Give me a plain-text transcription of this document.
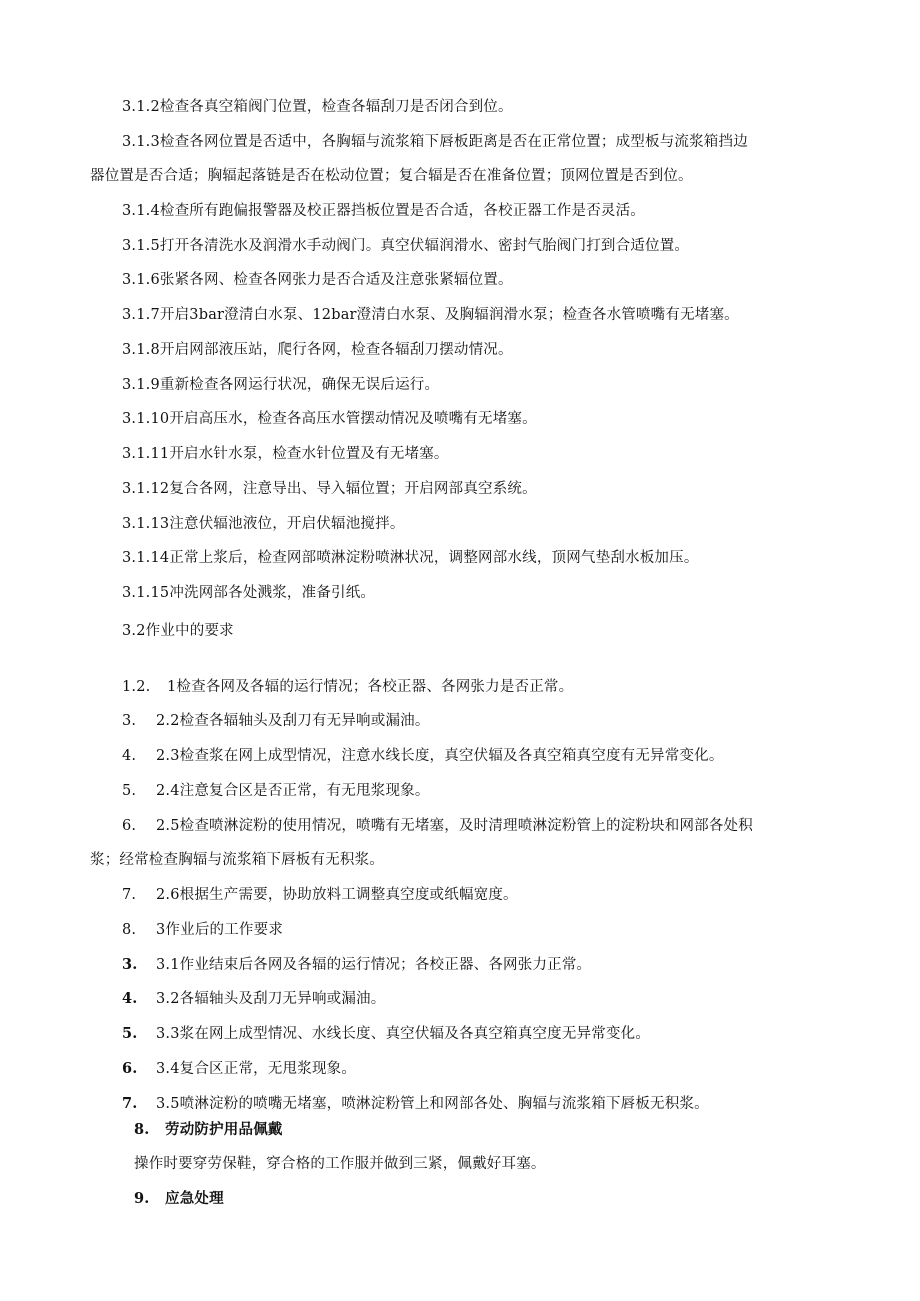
3.1.2检查各真空箱阀门位置，检查各辐刮刀是否闭合到位。
3.1.3检查各网位置是否适中，各胸辐与流浆箱下唇板距离是否在正常位置；成型板与流浆箱挡边
器位置是否合适；胸辐起落链是否在松动位置；复合辐是否在准备位置；顶网位置是否到位。
3.1.4检查所有跑偏报警器及校正器挡板位置是否合适，各校正器工作是否灵活。
3.1.5打开各清洗水及润滑水手动阀门。真空伏辐润滑水、密封气胎阀门打到合适位置。
3.1.6张紧各网、检查各网张力是否合适及注意张紧辐位置。
3.1.7开启3bar澄清白水泵、12bar澄清白水泵、及胸辐润滑水泵；检查各水管喷嘴有无堵塞。
3.1.8开启网部液压站，爬行各网，检查各辐刮刀摆动情况。
3.1.9重新检查各网运行状况，确保无误后运行。
3.1.10开启高压水，检查各高压水管摆动情况及喷嘴有无堵塞。
3.1.11开启水针水泵，检查水针位置及有无堵塞。
3.1.12复合各网，注意导出、导入辐位置；开启网部真空系统。
3.1.13注意伏辐池液位，开启伏辐池搅拌。
3.1.14正常上浆后，检查网部喷淋淀粉喷淋状况，调整网部水线，顶网气垫刮水板加压。
3.1.15冲洗网部各处溅浆，准备引纸。
3.2作业中的要求
1.2. 1检查各网及各辐的运行情况；各校正器、各网张力是否正常。
3. 2.2检查各辐轴头及刮刀有无异响或漏油。
4. 2.3检查浆在网上成型情况，注意水线长度，真空伏辐及各真空箱真空度有无异常变化。
5. 2.4注意复合区是否正常，有无甩浆现象。
6. 2.5检查喷淋淀粉的使用情况，喷嘴有无堵塞，及时清理喷淋淀粉管上的淀粉块和网部各处积
浆；经常检查胸辐与流浆箱下唇板有无积浆。
7. 2.6根据生产需要，协助放料工调整真空度或纸幅宽度。
8. 3作业后的工作要求
3. 3.1作业结束后各网及各辐的运行情况；各校正器、各网张力正常。
4. 3.2各辐轴头及刮刀无异响或漏油。
5. 3.3浆在网上成型情况、水线长度、真空伏辐及各真空箱真空度无异常变化。
6. 3.4复合区正常，无甩浆现象。
7. 3.5喷淋淀粉的喷嘴无堵塞，喷淋淀粉管上和网部各处、胸辐与流浆箱下唇板无积浆。
8. 劳动防护用品佩戴
操作时要穿劳保鞋，穿合格的工作服并做到三紧，佩戴好耳塞。
9. 应急处理
